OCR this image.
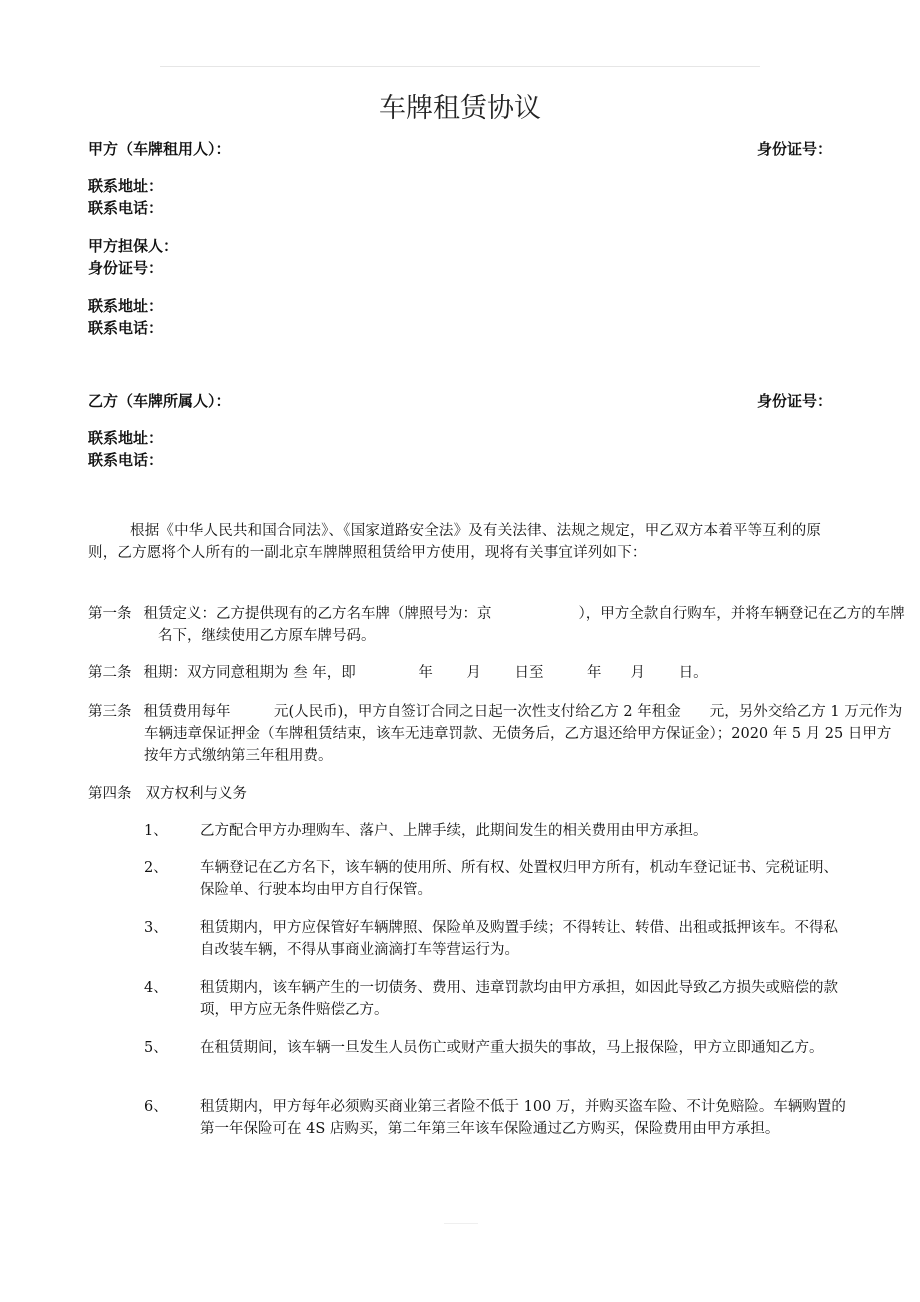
车牌租赁协议
甲方（车牌租用人）：	身份证号：
联系地址：
联系电话：
甲方担保人：
身份证号：
联系地址：
联系电话：
乙方（车牌所属人）：	身份证号：
联系地址：
联系电话：
根据《中华人民共和国合同法》、《国家道路安全法》及有关法律、法规之规定，甲乙双方本着平等互利的原则，乙方愿将个人所有的一副北京车牌牌照租赁给甲方使用，现将有关事宜详列如下：
第一条 租赁定义：乙方提供现有的乙方名车牌（牌照号为：京　　　　　　），甲方全款自行购车，并将车辆登记在乙方的车牌名下，继续使用乙方原车牌号码。
第二条 租期：双方同意租期为 叁 年，即　　　　 年　　 月　　 日至　　　年　　月　　 日。
第三条 租赁费用每年　　　元(人民币)，甲方自签订合同之日起一次性支付给乙方 2 年租金　　元，另外交给乙方 1 万元作为车辆违章保证押金（车牌租赁结束，该车无违章罚款、无债务后，乙方退还给甲方保证金）；2020 年 5 月 25 日甲方 按年方式缴纳第三年租用费。
第四条 双方权利与义务
1、	乙方配合甲方办理购车、落户、上牌手续，此期间发生的相关费用由甲方承担。
2、	车辆登记在乙方名下，该车辆的使用所、所有权、处置权归甲方所有，机动车登记证书、完税证明、保险单、行驶本均由甲方自行保管。
3、	租赁期内，甲方应保管好车辆牌照、保险单及购置手续；不得转让、转借、出租或抵押该车。不得私自改装车辆，不得从事商业滴滴打车等营运行为。
4、	租赁期内，该车辆产生的一切债务、费用、违章罚款均由甲方承担，如因此导致乙方损失或赔偿的款项，甲方应无条件赔偿乙方。
5、	在租赁期间，该车辆一旦发生人员伤亡或财产重大损失的事故，马上报保险，甲方立即通知乙方。
6、	租赁期内，甲方每年必须购买商业第三者险不低于 100 万，并购买盗车险、不计免赔险。车辆购置的第一年保险可在 4S 店购买，第二年第三年该车保险通过乙方购买，保险费用由甲方承担。
